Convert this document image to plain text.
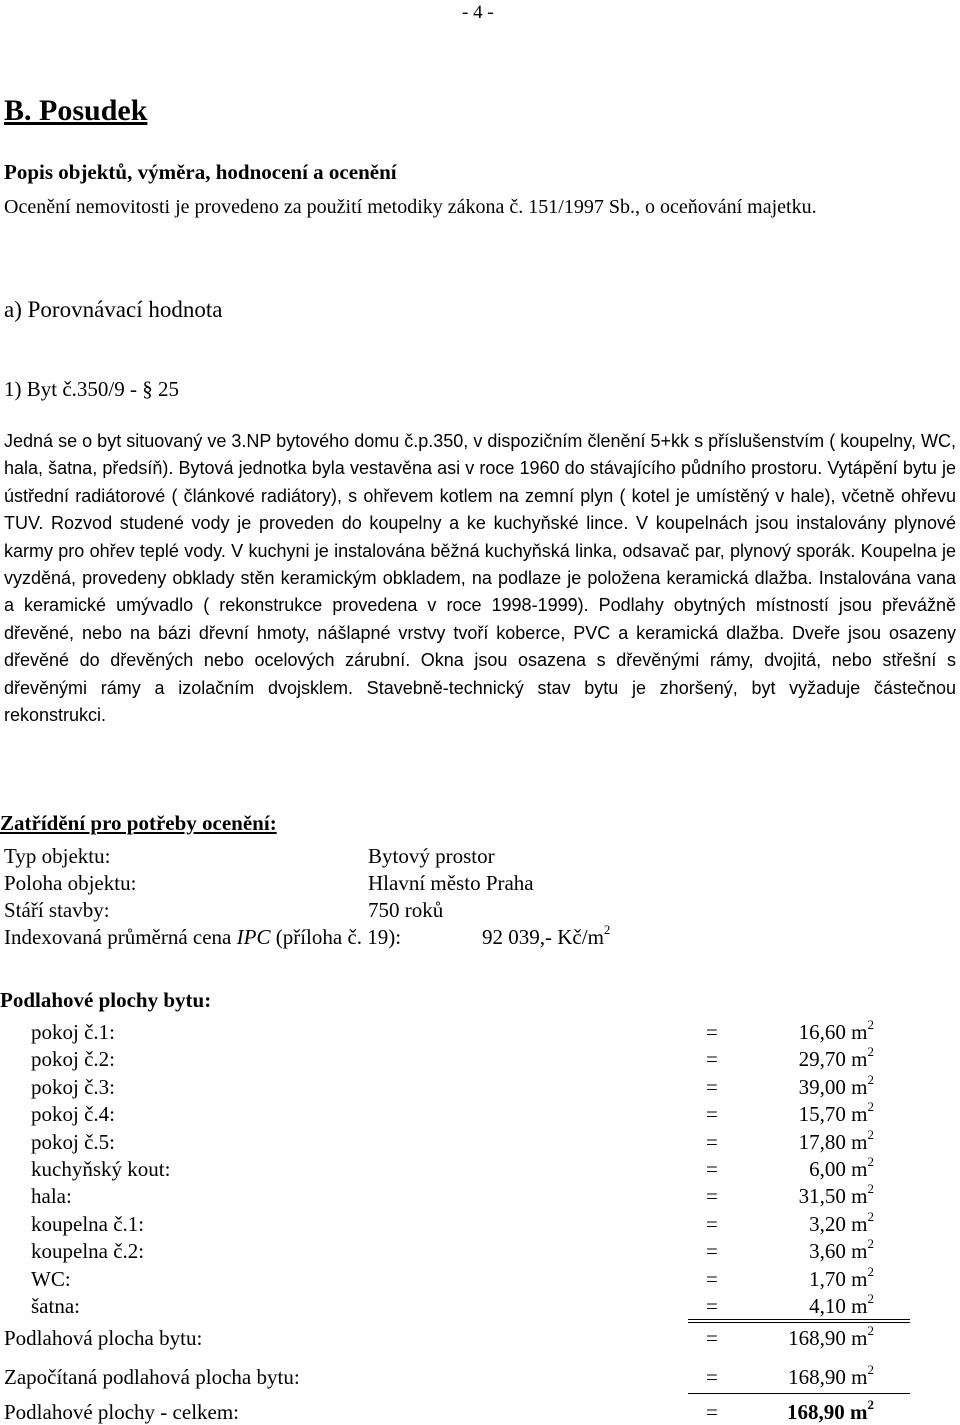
- 4 -
B. Posudek
Popis objektů, výměra, hodnocení a ocenění
Ocenění nemovitosti je provedeno za použití metodiky zákona č. 151/1997 Sb., o oceňování majetku.
a) Porovnávací hodnota
1) Byt č.350/9 - § 25
Jedná se o byt situovaný ve 3.NP bytového domu č.p.350, v dispozičním členění 5+kk s příslušenstvím ( koupelny, WC, hala, šatna, předsíň). Bytová jednotka byla vestavěna asi v roce 1960 do stávajícího půdního prostoru. Vytápění bytu je ústřední radiátorové ( článkové radiátory), s ohřevem kotlem na zemní plyn ( kotel je umístěný v hale), včetně ohřevu TUV. Rozvod studené vody je proveden do koupelny a ke kuchyňské lince. V koupelnách jsou instalovány plynové karmy pro ohřev teplé vody. V kuchyni je instalována běžná kuchyňská linka, odsavač par, plynový sporák. Koupelna je vyzděná, provedeny obklady stěn keramickým obkladem, na podlaze je položena keramická dlažba. Instalována vana a keramické umývadlo ( rekonstrukce provedena v roce 1998-1999). Podlahy obytných místností jsou převážně dřevěné, nebo na bázi dřevní hmoty, nášlapné vrstvy tvoří koberce, PVC a keramická dlažba. Dveře jsou osazeny dřevěné do dřevěných nebo ocelových zárubní. Okna jsou osazena s dřevěnými rámy, dvojitá, nebo střešní s dřevěnými rámy a izolačním dvojsklem. Stavebně-technický stav bytu je zhoršený, byt vyžaduje částečnou rekonstrukci.
Zatřídění pro potřeby ocenění:
Typ objektu:	Bytový prostor
Poloha objektu:	Hlavní město Praha
Stáří stavby:	750 roků
Indexovaná průměrná cena IPC (příloha č. 19):	92 039,- $Kč/m^2$
Podlahové plochy bytu:
pokoj č.1:	=	16,60 $m^2$
pokoj č.2:	=	29,70 $m^2$
pokoj č.3:	=	39,00 $m^2$
pokoj č.4:	=	15,70 $m^2$
pokoj č.5:	=	17,80 $m^2$
kuchyňský kout:	=	6,00 $m^2$
hala:	=	31,50 $m^2$
koupelna č.1:	=	3,20 $m^2$
koupelna č.2:	=	3,60 $m^2$
WC:	=	1,70 $m^2$
šatna:	=	4,10 $m^2$
Podlahová plocha bytu:	=	168,90 $m^2$
Započítaná podlahová plocha bytu:	=	168,90 $m^2$
Podlahové plochy - celkem:	=	168,90 $m^2$
